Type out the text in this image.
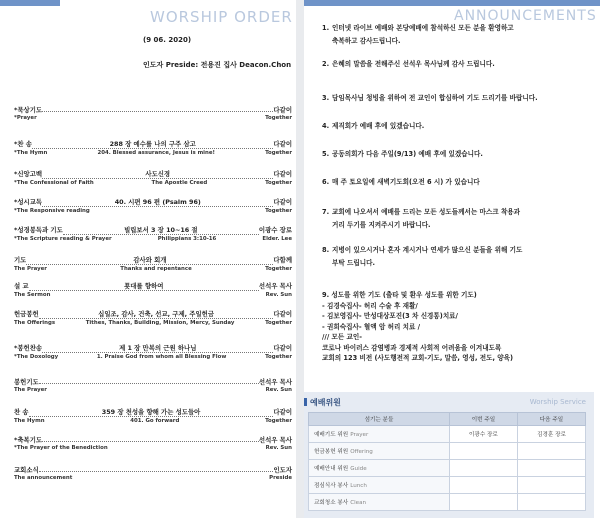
WORSHIP ORDER
(9 06. 2020)
인도자 Preside: 전용진 집사 Deacon.Chon
*묵상기도	다같이
*Prayer	Together
*찬 송	288 장 예수를 나의 구주 삼고	다같이
*The Hymn	204. Blessed assurance, Jesus is mine!	Together
*신앙고백	사도신경	다같이
*The Confessional of Faith	The Apostle Creed	Together
*성시교독	40. 시편 96 편 (Psalm 96)	다같이
*The Responsive reading	Together
*성경봉독과 기도	빌립보서 3 장 10~16 절	이광수 장로
*The Scripture reading & Prayer	Philippians 3:10-16	Elder. Lee
기도	감사와 회개	다함께
The Prayer	Thanks and repentance	Together
설 교	푯대를 향하여	선석우 목사
The Sermon	Rev. Sun
헌금봉헌	십일조, 감사, 건축, 선교, 구제, 주일헌금	다같이
The Offerings	Tithes, Thanks, Building, Mission, Mercy, Sunday	Together
*봉헌찬송	제 1 장 만복의 근원 하나님	다같이
*The Doxology	1. Praise God from whom all Blessing Flow	Together
봉헌기도	선석우 목사
The Prayer	Rev. Sun
찬 송	359 장 천성을 향해 가는 성도들아	다같이
The Hymn	401. Go forward	Together
*축복기도	선석우 목사
*The Prayer of the Benediction	Rev. Sun
교회소식	인도자
The announcement	Preside
ANNOUNCEMENTS
1. 인터넷 라이브 예배와 본당예배에 참석하신 모든 분을 환영하고
축복하고 감사드립니다.
2. 은혜의 말씀을 전해주신 선석우 목사님께 감사 드립니다.
3. 담임목사님 청빙을 위하여 전 교인이 합심하여 기도 드리기를 바랍니다.
4. 제직회가 예배 후에 있겠습니다.
5. 공동의회가 다음 주일(9/13) 예배 후에 있겠습니다.
6. 매 주 토요일에 새벽기도회(오전 6 시) 가 있습니다
7. 교회에 나오셔서 예배를 드리는 모든 성도들께서는 마스크 착용과
거리 두기를 지켜주시기 바랍니다.
8. 지병이 있으시거나 혼자 계시거나 연세가 많으신 분들을 위해 기도
부탁 드립니다.
9. 성도를 위한 기도 (출타 및 환우 성도를 위한 기도)
- 김경숙집사- 허리 수술 후 재활/
- 김보영집사- 만성대상포진(3 차 신경통)치료/
- 권희숙집사- 혈액 암 허리 치료 /
/// 모든 교인-
코로나 바이러스 감염병과 경제적 사회적 어려움을 이겨내도록
교회의 123 비전 (사도행전적 교회-기도, 말씀, 영성, 전도, 양육)
예배위원	Worship Service
섬기는 분들	이번 주일	다음 주일
예배기도 위원 Prayer	이광수 장로	김경훈 장로
헌금봉헌 위원 Offering		
예배안내 위원 Guide		
점심식사 봉사 Lunch		
교회청소 봉사 Clean		
